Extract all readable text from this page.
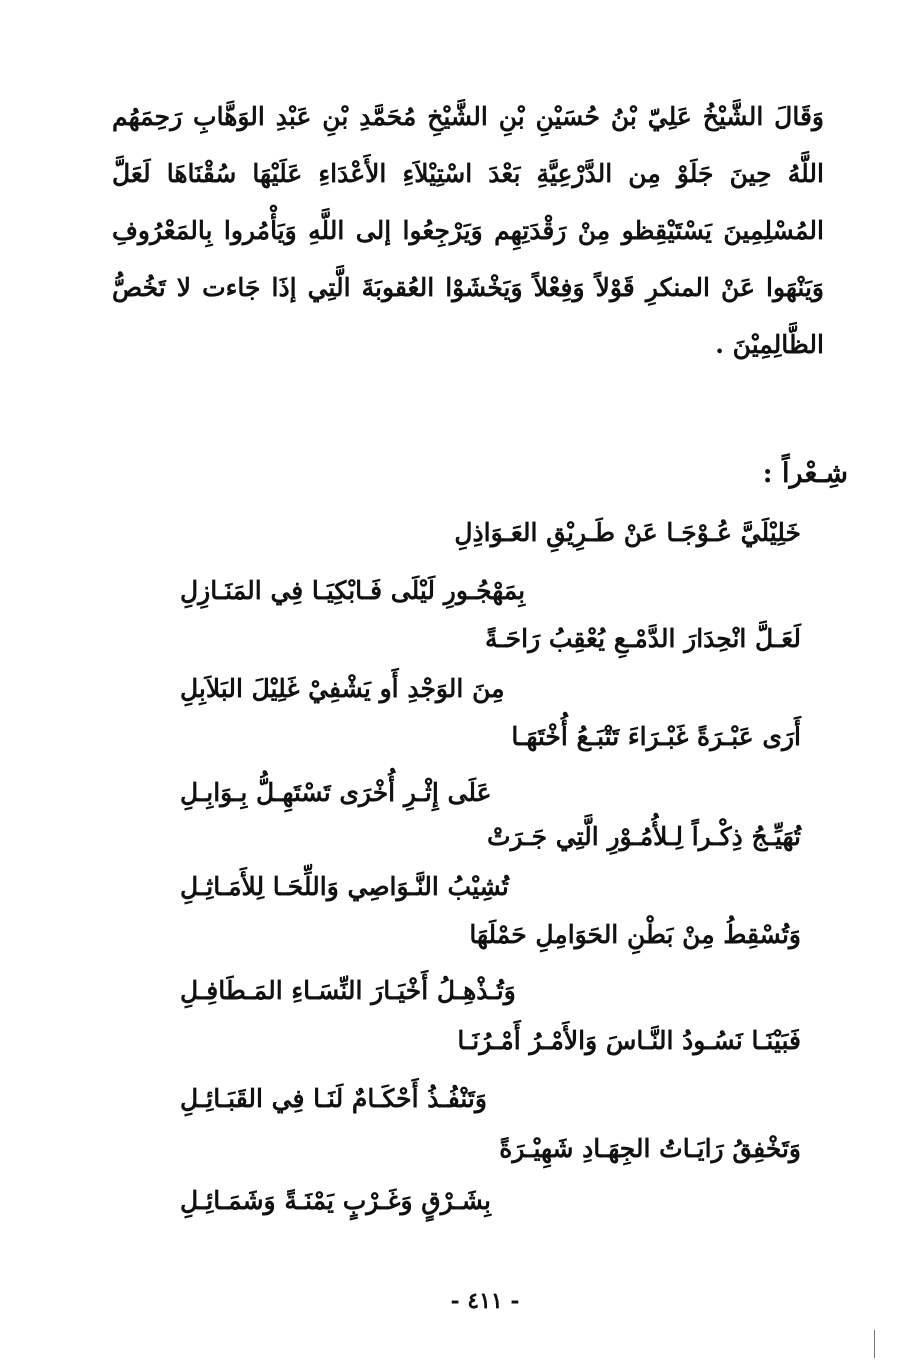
وَقَالَ الشَّيْخُ عَلِيّ بْنُ حُسَيْنِ بْنِ الشَّيْخِ مُحَمَّدِ بْنِ عَبْدِ الوَهَّابِ رَحِمَهُم اللَّهُ حِينَ جَلَوْ مِن الدَّرْعِيَّةِ بَعْدَ اسْتِيْلاَءِ الأَعْدَاءِ عَلَيْهَا سُقْنَاهَا لَعَلَّ المُسْلِمِينَ يَسْتَيْقِظو مِنْ رَقْدَتِهِم وَيَرْجِعُوا إلى اللَّهِ وَيَأْمُروا بِالمَعْرُوفِ وَيَنْهَوا عَنْ المنكرِ قَوْلاً وَفِعْلاً وَيَخْشَوْا العُقوبَةَ الَّتِي إذَا جَاءت لا تَخُصُّ الظَّالِمِيْنَ .
شِـعْراً :
خَلِيْلَيَّ عُـوْجَـا عَنْ طَـرِيْقِ العَـوَاذِلِ
بِمَهْجُـورِ لَيْلَى فَـابْكِيَـا فِي المَنَـازِلِ
لَعَـلَّ انْحِدَارَ الدَّمْـعِ يُعْقِبُ رَاحَـةً
مِنَ الوَجْدِ أَو يَشْفِيْ غَلِيْلَ البَلاَبِلِ
أَرَى عَبْـرَةً غَبْـرَاءَ تَتْبَـعُ أُخْتَهَـا
عَلَى إِثْـرِ أُخْرَى تَسْتَهِـلُّ بِـوَابِـلِ
تُهَيِّـجُ ذِكْـراً لِـلأُمُـوْرِ الَّتِي جَـرَتْ
تُشِيْبُ النَّـوَاصِي وَاللِّحَـا لِلأَمَـاثِـلِ
وَتُسْقِطُ مِنْ بَطْنِ الحَوَامِلِ حَمْلَهَا
وَتُـذْهِـلُ أَخْيَـارَ النِّسَـاءِ المَـطَافِـلِ
فَبَيْنَـا نَسُـودُ النَّـاسَ وَالأَمْـرُ أَمْـرُنَـا
وَتَنْفُـذُ أَحْكَـامٌ لَنَـا فِي القَبَـائِـلِ
وَتَخْفِقُ رَايَـاتُ الجِهَـادِ شَهِيْـرَةً
بِشَـرْقٍ وَغَـرْبٍ يَمْنَـةً وَشَمَـائِـلِ
- ٤١١ -
